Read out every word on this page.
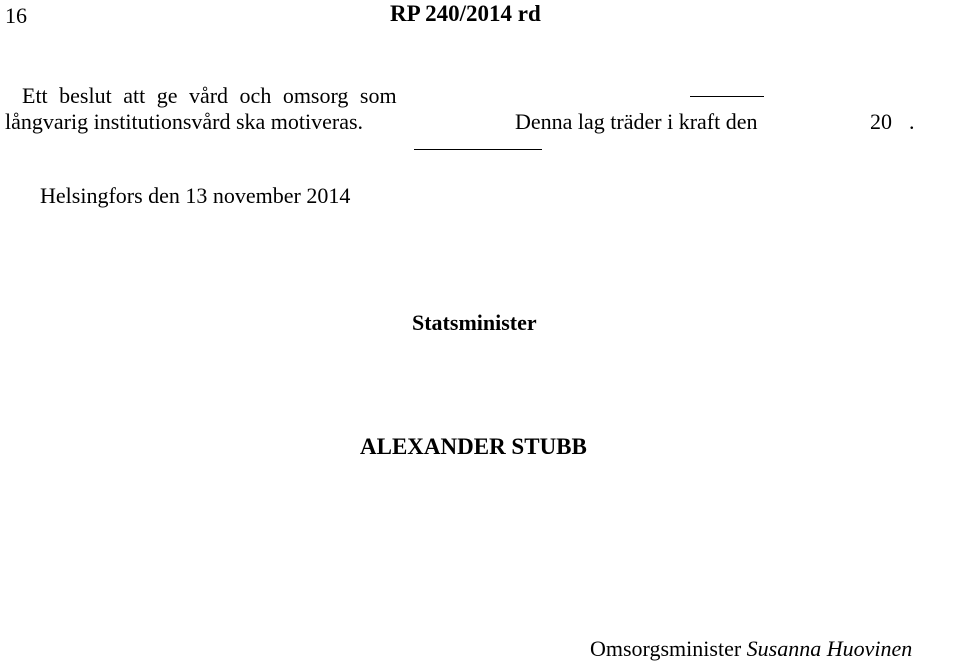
16	RP 240/2014 rd
Ett beslut att ge vård och omsorg som
långvarig institutionsvård ska motiveras.	Denna lag träder i kraft den	20 .
Helsingfors den 13 november 2014
Statsminister
ALEXANDER STUBB
Omsorgsminister Susanna Huovinen
